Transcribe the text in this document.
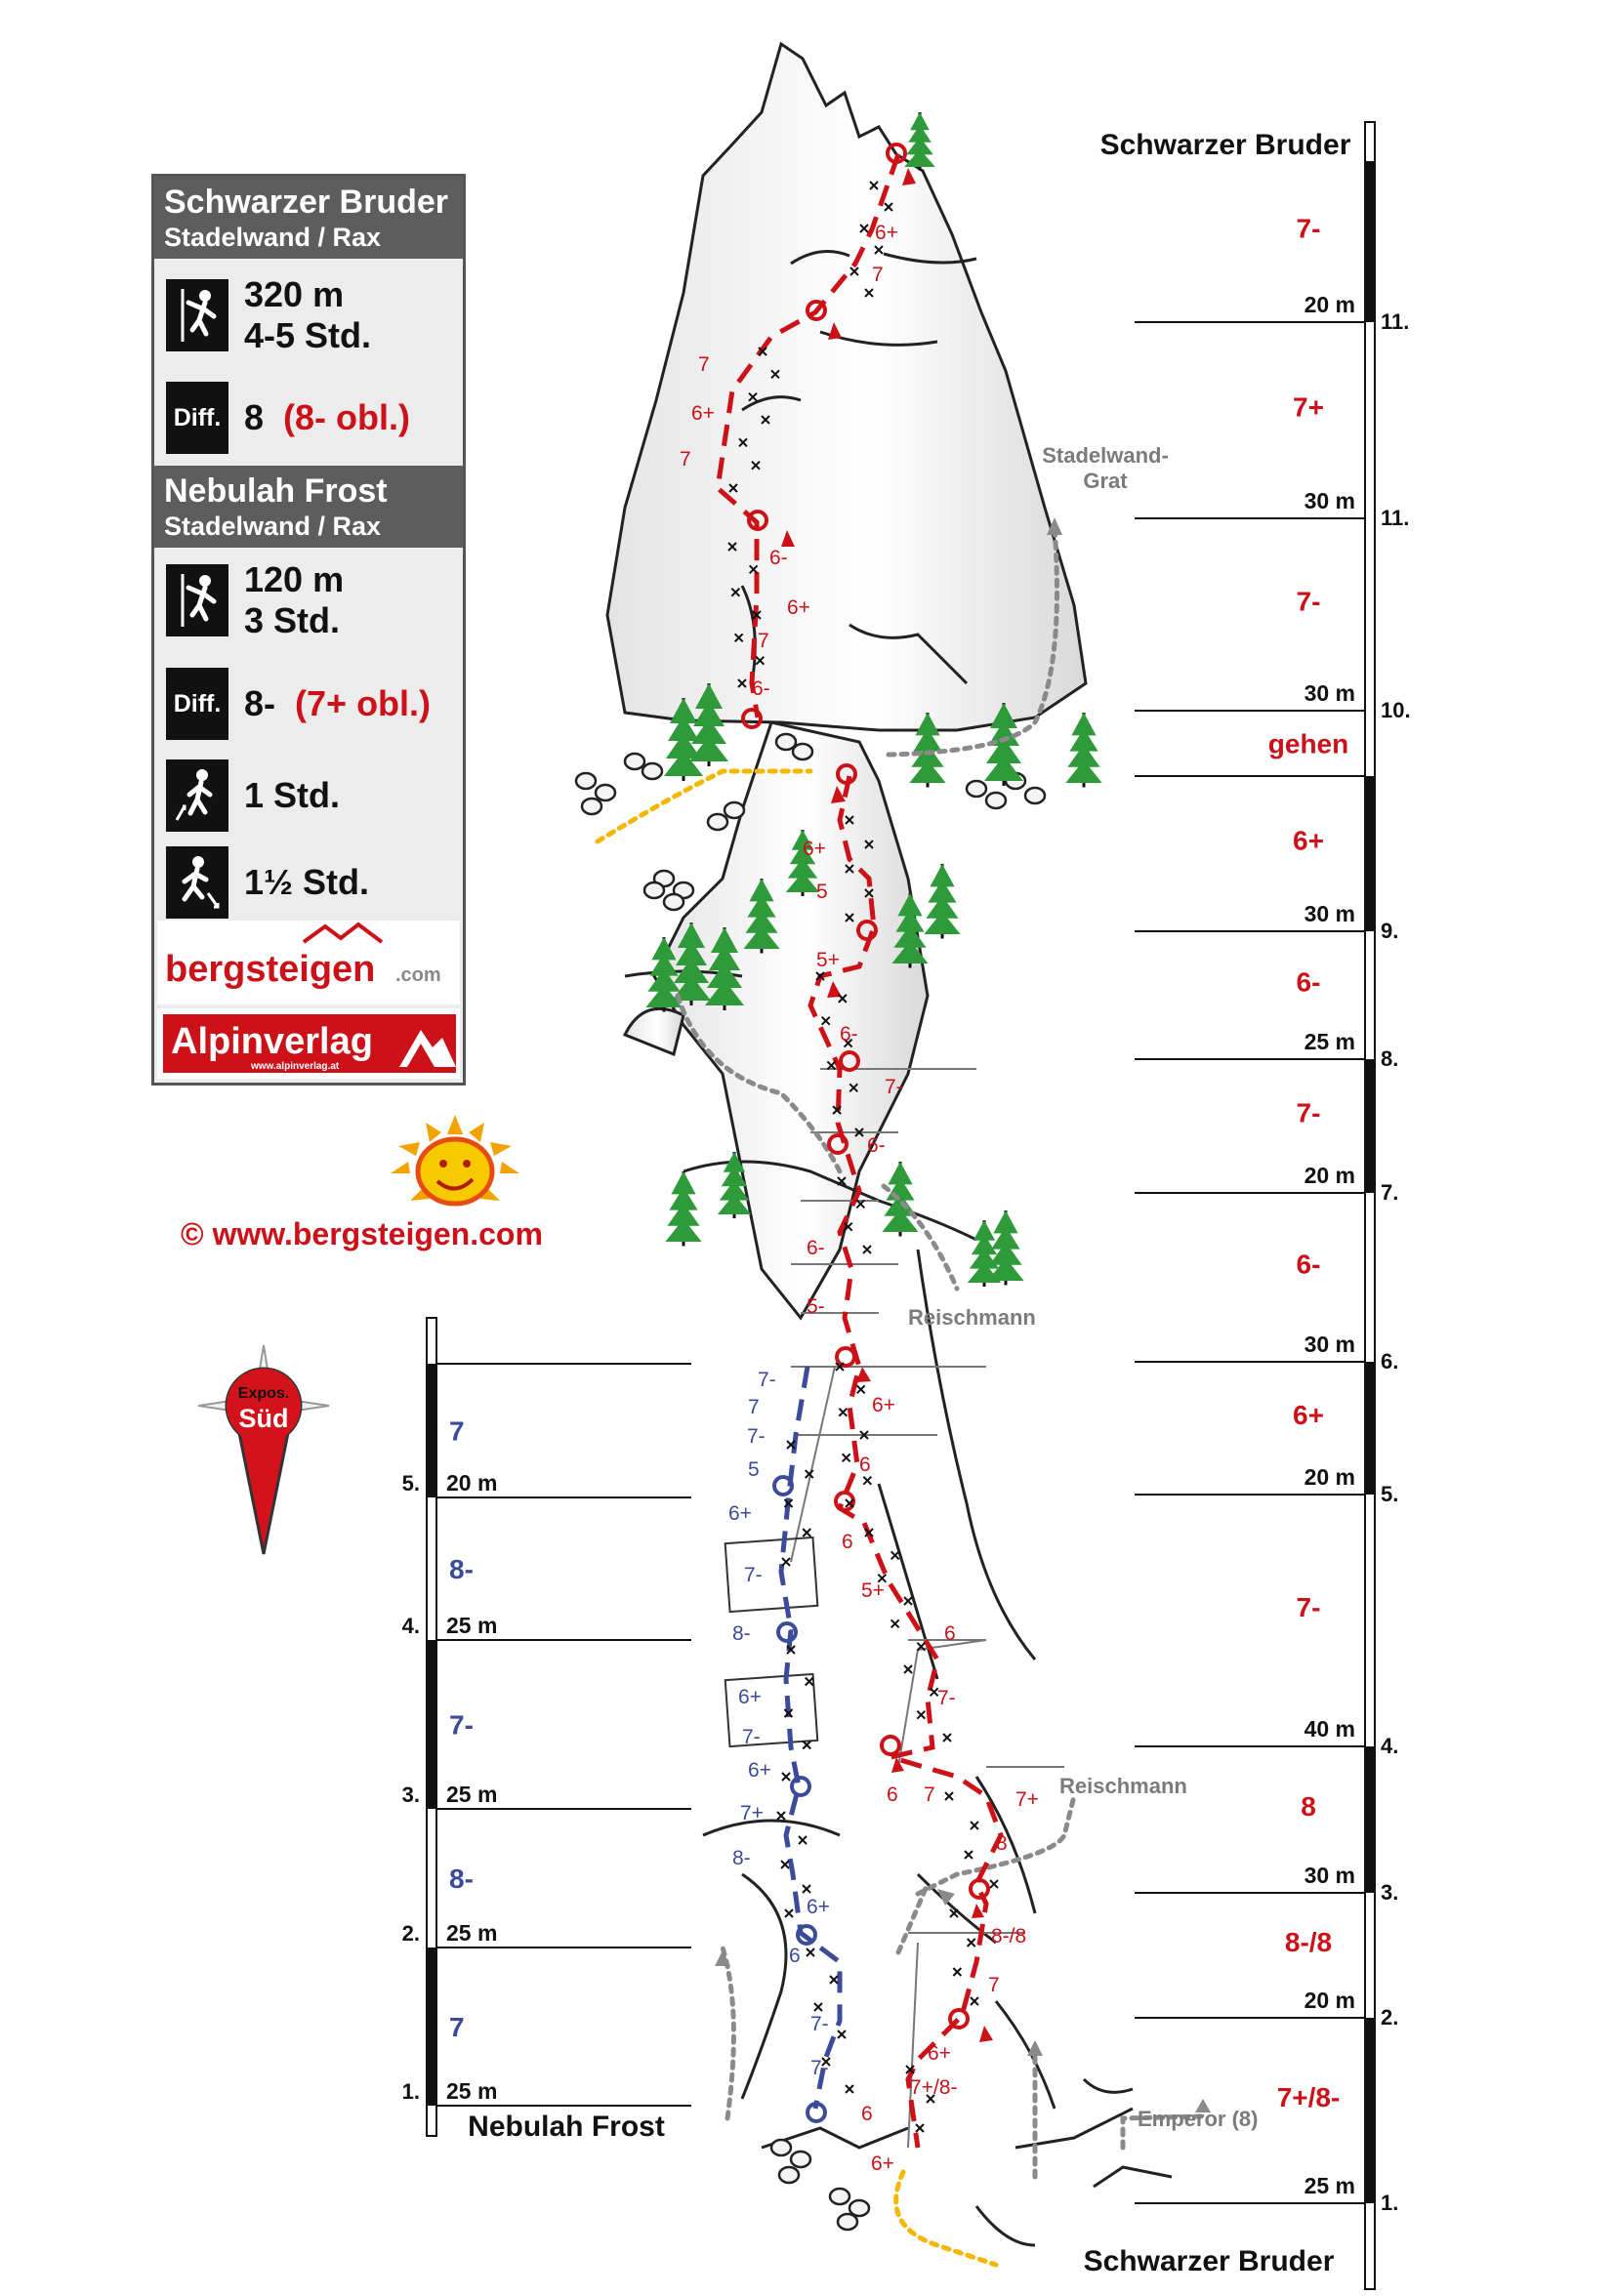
Schwarzer Bruder
Stadelwand / Rax
320 m
4-5 Std.
Diff. 8 (8- obl.)
Nebulah Frost
Stadelwand / Rax
120 m
3 Std.
Diff. 8- (7+ obl.)
1 Std.
1½ Std.
bergsteigen .com
Alpinverlag
www.alpinverlag.at
© www.bergsteigen.com
Expos.
Süd
Stadelwand-
Grat
Reischmann
Reischmann
Emperor (8)
6+
7
7
6+
7
6-
6+
7
6-
6+
5
5+
6-
7-
6-
6-
5-
6+
6
6
5+
6
7-
6 7	7+
8
8-/8
7
6+
7+/8-
6
6+
7-
7
7-
5
6+
7-
8-
6+
7-
6+
7+
8-
6+
6
7-
7-
Schwarzer Bruder
Schwarzer Bruder
7-
20 m
11.
7+
30 m
11.
7-
30 m
10.
gehen
6+
30 m
9.
6-
25 m
8.
7-
20 m
7.
6-
30 m
6.
6+
20 m
5.
7-
40 m
4.
8
30 m
3.
8-/8
20 m
2.
7+/8-
25 m
1.
Nebulah Frost
7
20 m
5.
8-
25 m
4.
7-
25 m
3.
8-
25 m
2.
7
25 m
1.
